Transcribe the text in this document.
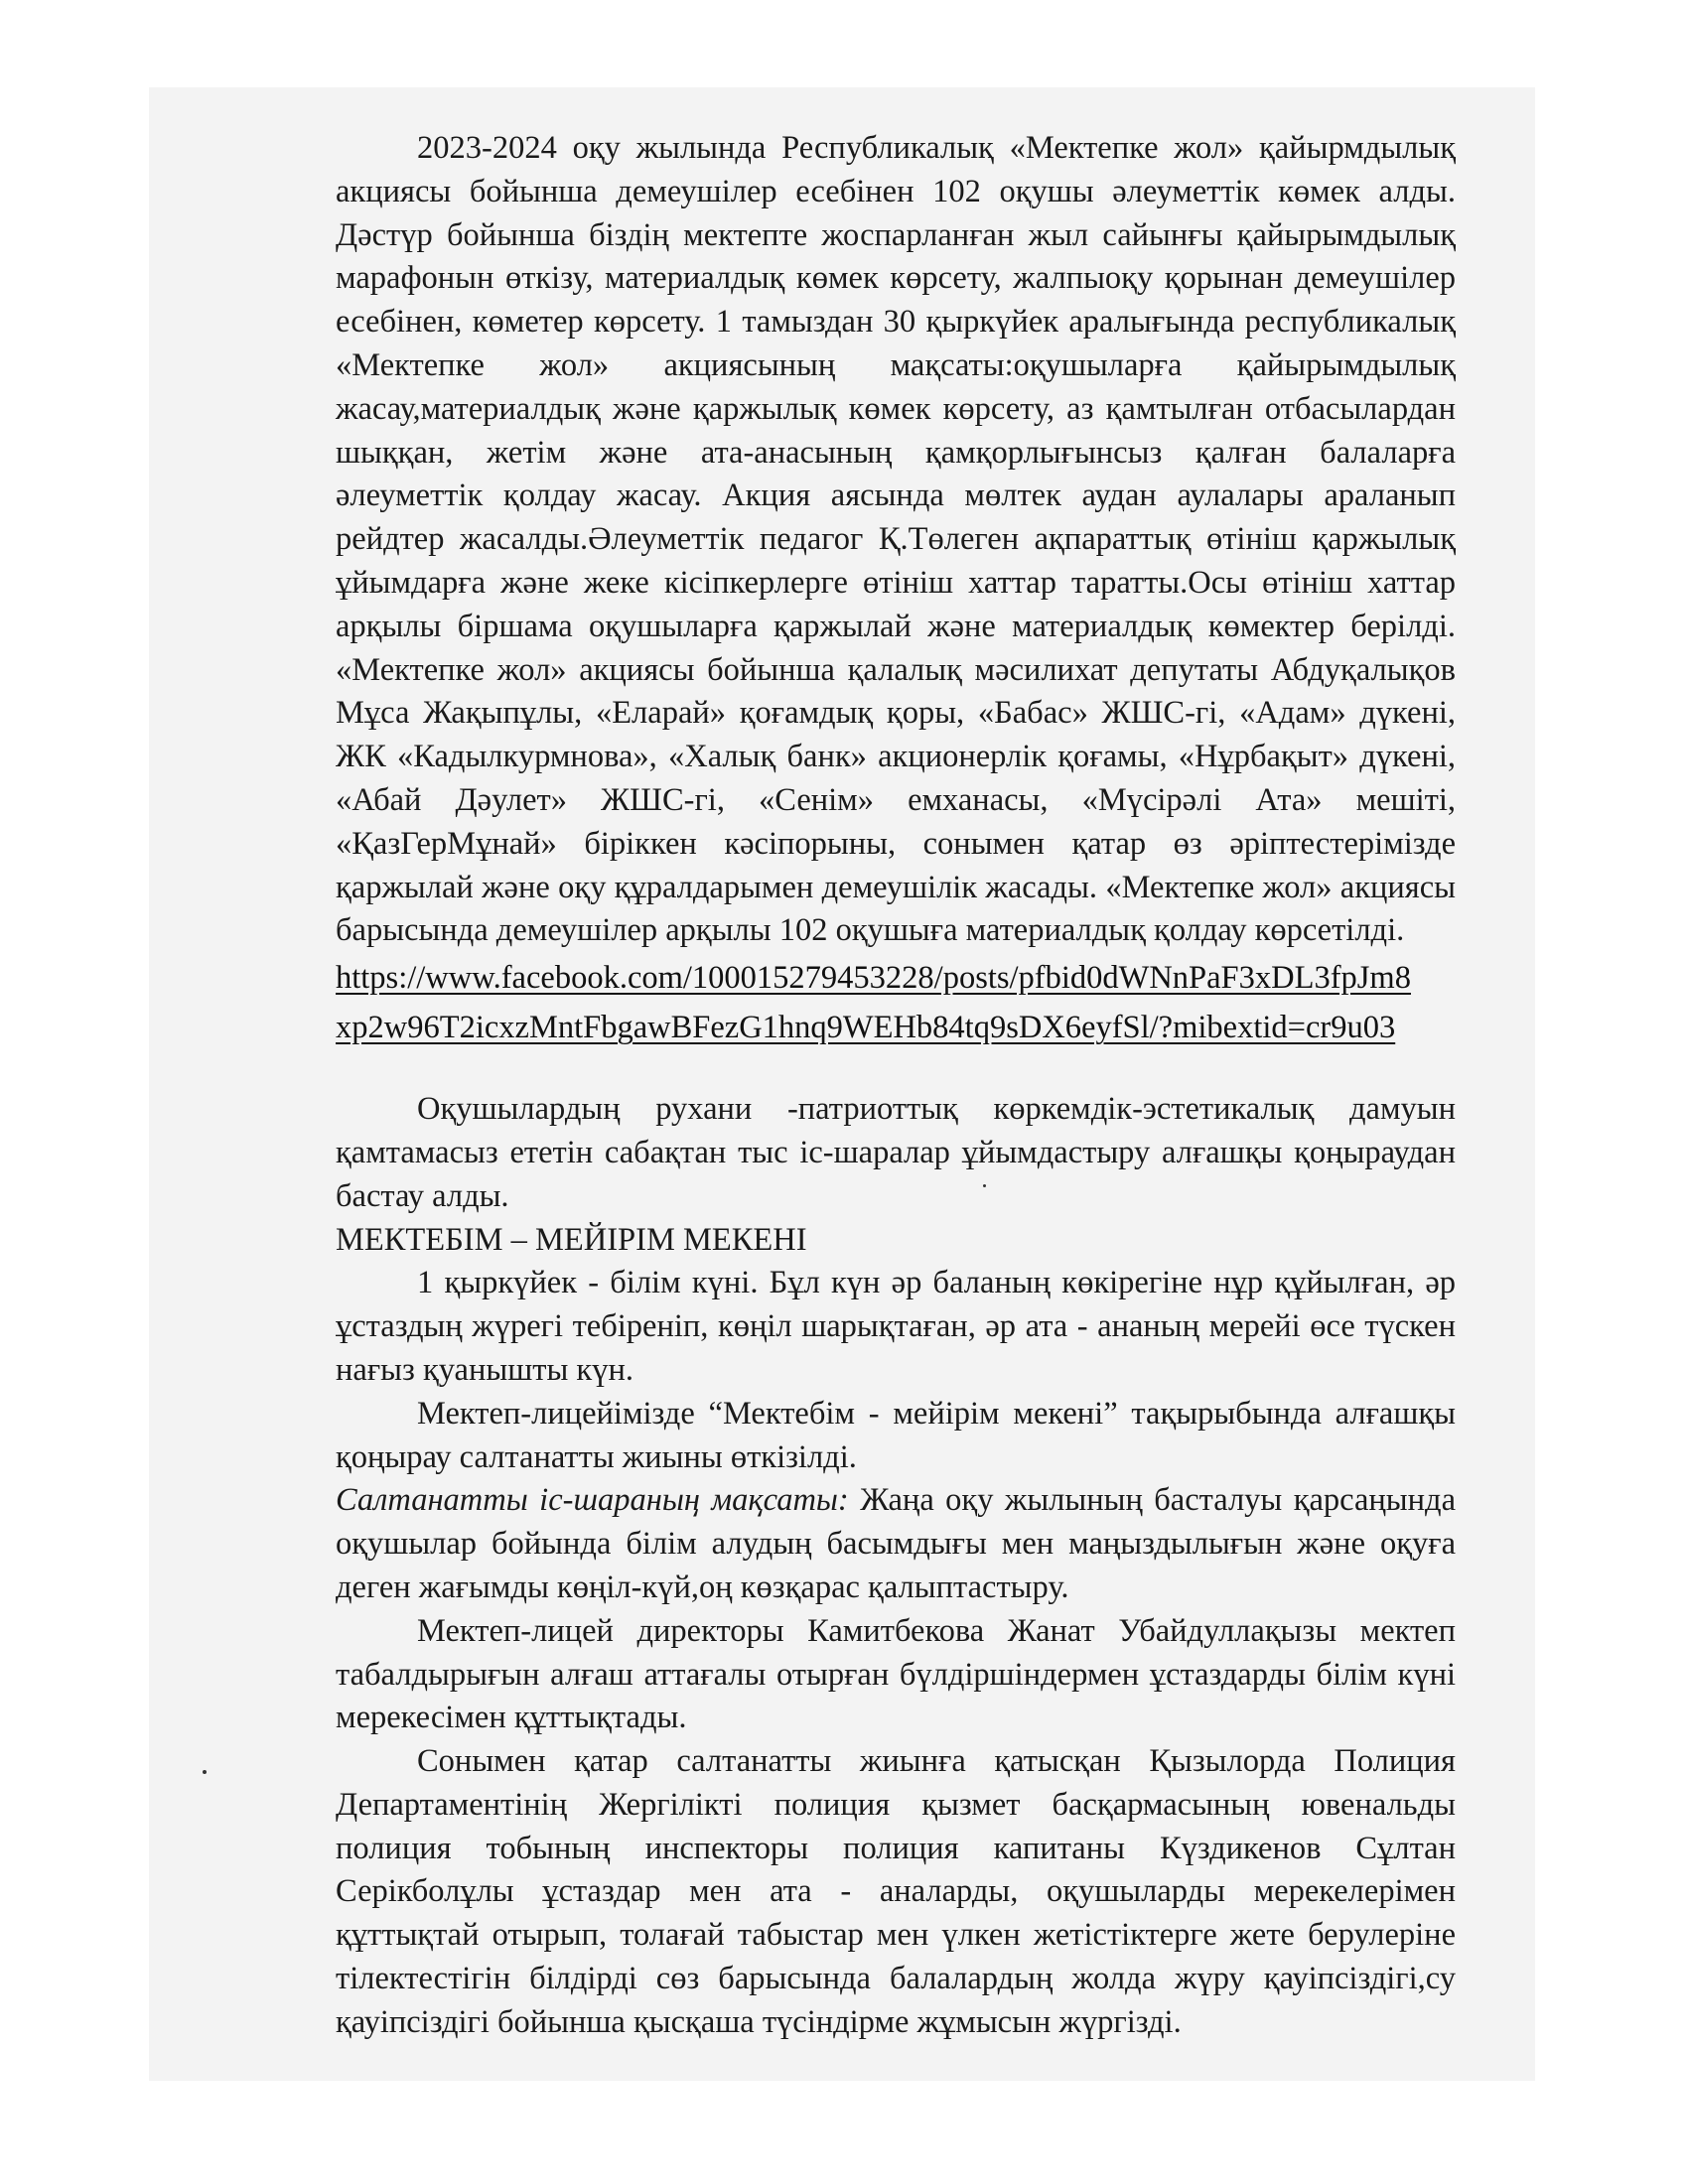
2023-2024 оқу жылында Республикалық «Мектепке жол» қайырмдылық акциясы бойынша демеушілер есебінен 102 оқушы әлеуметтік көмек алды. Дәстүр бойынша біздің мектепте жоспарланған жыл сайынғы қайырымдылық марафонын өткізу, материалдық көмек көрсету, жалпыоқу қорынан демеушілер есебінен, көметер көрсету. 1 тамыздан 30 қыркүйек аралығында республикалық «Мектепке жол» акциясының мақсаты:оқушыларға қайырымдылық жасау,материалдық және қаржылық көмек көрсету, аз қамтылған отбасылардан шыққан, жетім және ата-анасының қамқорлығынсыз қалған балаларға әлеуметтік қолдау жасау. Акция аясында мөлтек аудан аулалары араланып рейдтер жасалды.Әлеуметтік педагог Қ.Төлеген ақпараттық өтініш қаржылық ұйымдарға және жеке кісіпкерлерге өтініш хаттар таратты.Осы өтініш хаттар арқылы біршама оқушыларға қаржылай және материалдық көмектер берілді. «Мектепке жол» акциясы бойынша қалалық мәсилихат депутаты Абдуқалықов Мұса Жақыпұлы, «Еларай» қоғамдық қоры, «Бабас» ЖШС-гі, «Адам» дүкені, ЖК «Кадылкурмнова», «Халық банк» акционерлік қоғамы, «Нұрбақыт» дүкені, «Абай Дәулет» ЖШС-гі, «Сенім» емханасы, «Мүсірәлі Ата» мешіті, «ҚазГерМұнай» біріккен кәсіпорыны, сонымен қатар өз әріптестерімізде қаржылай және оқу құралдарымен демеушілік жасады. «Мектепке жол» акциясы барысында демеушілер арқылы 102 оқушыға материалдық қолдау көрсетілді.

https://www.facebook.com/100015279453228/posts/pfbid0dWNnPaF3xDL3fpJm8
xp2w96T2icxzMntFbgawBFezG1hnq9WEHb84tq9sDX6eyfSl/?mibextid=cr9u03

Оқушылардың рухани -патриоттық көркемдік-эстетикалық дамуын қамтамасыз ететін сабақтан тыс іс-шаралар ұйымдастыру алғашқы қоңыраудан бастау алды.

МЕКТЕБІМ – МЕЙІРІМ МЕКЕНІ

1 қыркүйек - білім күні. Бұл күн әр баланың көкірегіне нұр құйылған, әр ұстаздың жүрегі тебіреніп, көңіл шарықтаған, әр ата - ананың мерейі өсе түскен нағыз қуанышты күн.

Мектеп-лицейімізде “Мектебім - мейірім мекені” тақырыбында алғашқы қоңырау салтанатты жиыны өткізілді.

Салтанатты іс-шараның мақсаты: Жаңа оқу жылының басталуы қарсаңында оқушылар бойында білім алудың басымдығы мен маңыздылығын және оқуға деген жағымды көңіл-күй,оң көзқарас қалыптастыру.

Мектеп-лицей директоры Камитбекова Жанат Убайдуллақызы мектеп табалдырығын алғаш аттағалы отырған бүлдіршіндермен ұстаздарды білім күні мерекесімен құттықтады.

Сонымен қатар салтанатты жиынға қатысқан Қызылорда Полиция Департаментінің Жергілікті полиция қызмет басқармасының ювенальды полиция тобының инспекторы полиция капитаны Күздикенов Сұлтан Серікболұлы ұстаздар мен ата - аналарды, оқушыларды мерекелерімен құттықтай отырып, толағай табыстар мен үлкен жетістіктерге жете берулеріне тілектестігін білдірді сөз барысында балалардың жолда жүру қауіпсіздігі,су қауіпсіздігі бойынша қысқаша түсіндірме жұмысын жүргізді.
